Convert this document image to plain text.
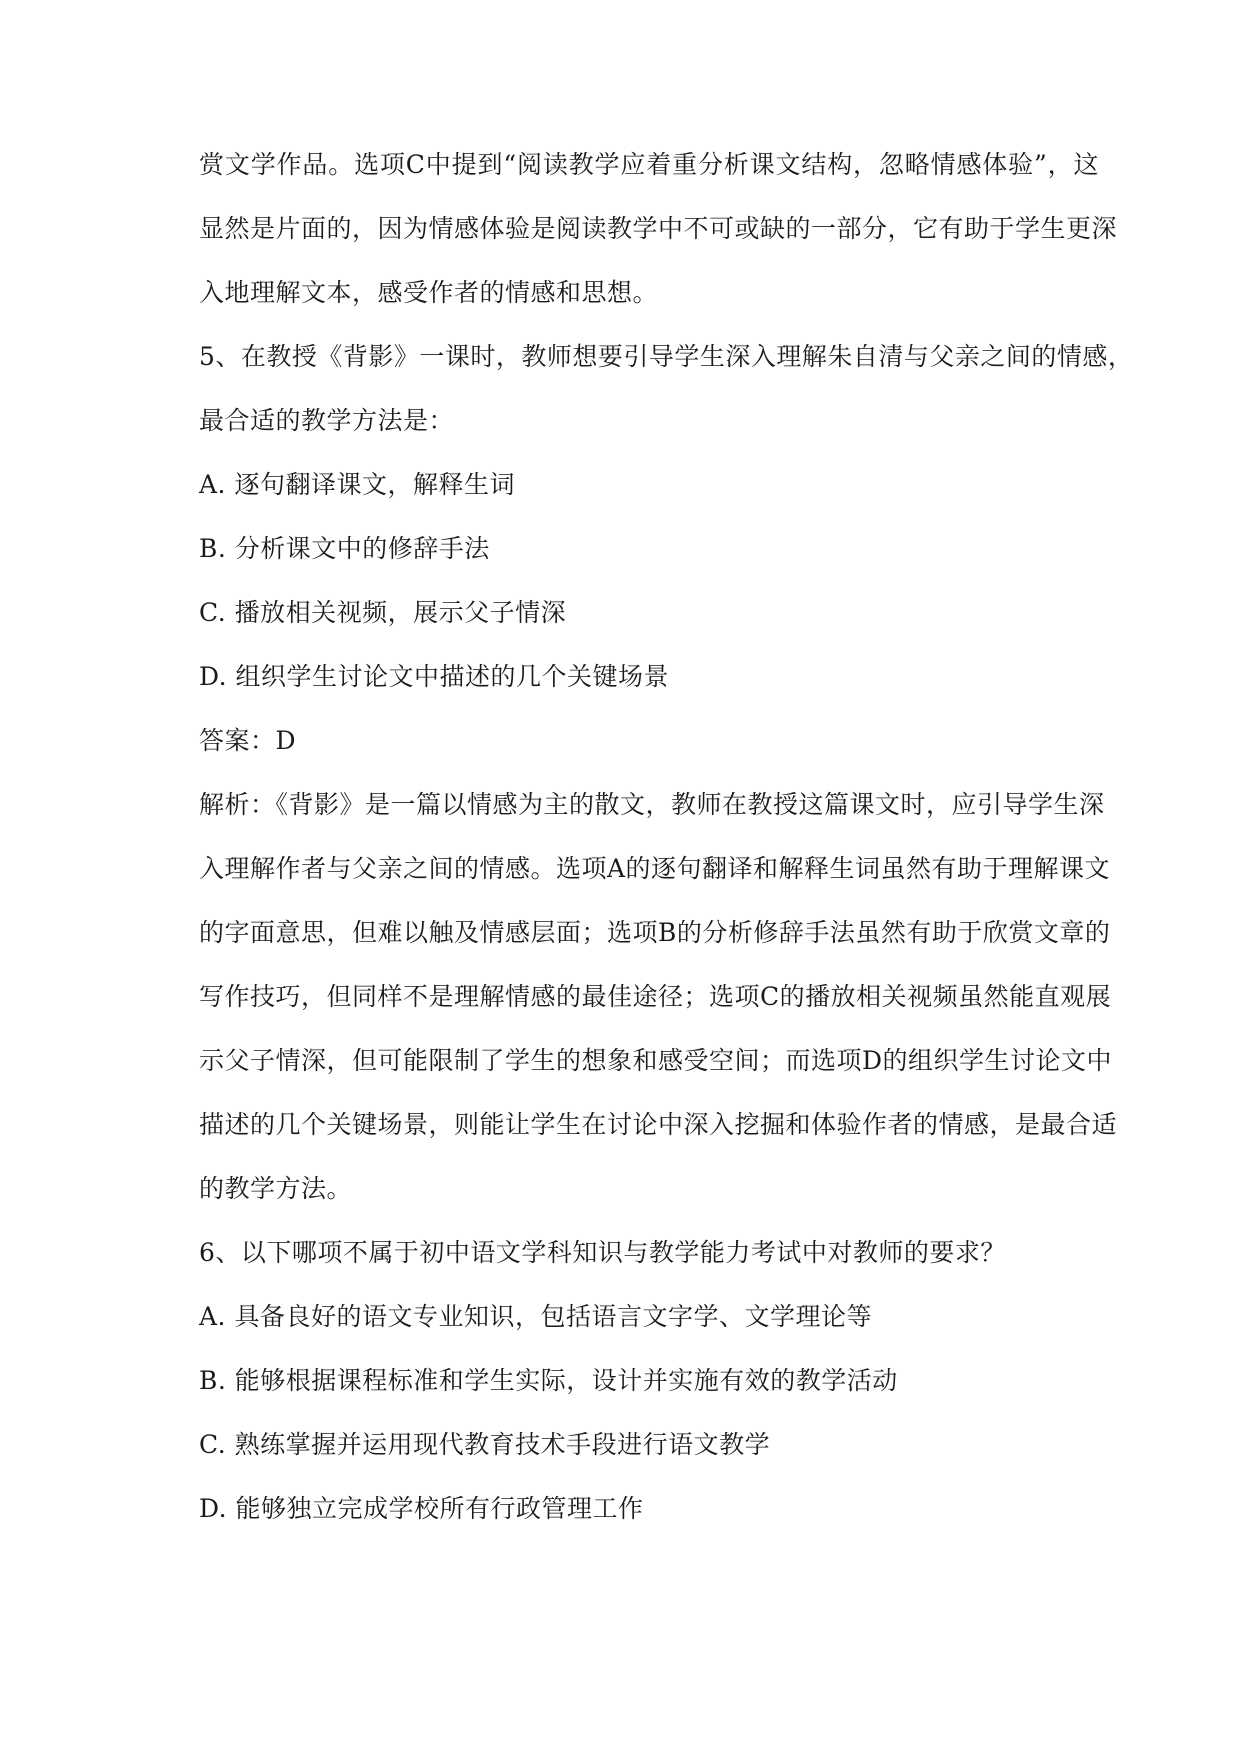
赏文学作品。选项C中提到“阅读教学应着重分析课文结构，忽略情感体验”，这
显然是片面的，因为情感体验是阅读教学中不可或缺的一部分，它有助于学生更深
入地理解文本，感受作者的情感和思想。
5、在教授《背影》一课时，教师想要引导学生深入理解朱自清与父亲之间的情感，
最合适的教学方法是：
A. 逐句翻译课文，解释生词
B. 分析课文中的修辞手法
C. 播放相关视频，展示父子情深
D. 组织学生讨论文中描述的几个关键场景
答案：D
解析：《背影》是一篇以情感为主的散文，教师在教授这篇课文时，应引导学生深
入理解作者与父亲之间的情感。选项A的逐句翻译和解释生词虽然有助于理解课文
的字面意思，但难以触及情感层面；选项B的分析修辞手法虽然有助于欣赏文章的
写作技巧，但同样不是理解情感的最佳途径；选项C的播放相关视频虽然能直观展
示父子情深，但可能限制了学生的想象和感受空间；而选项D的组织学生讨论文中
描述的几个关键场景，则能让学生在讨论中深入挖掘和体验作者的情感，是最合适
的教学方法。
6、以下哪项不属于初中语文学科知识与教学能力考试中对教师的要求？
A. 具备良好的语文专业知识，包括语言文字学、文学理论等
B. 能够根据课程标准和学生实际，设计并实施有效的教学活动
C. 熟练掌握并运用现代教育技术手段进行语文教学
D. 能够独立完成学校所有行政管理工作
